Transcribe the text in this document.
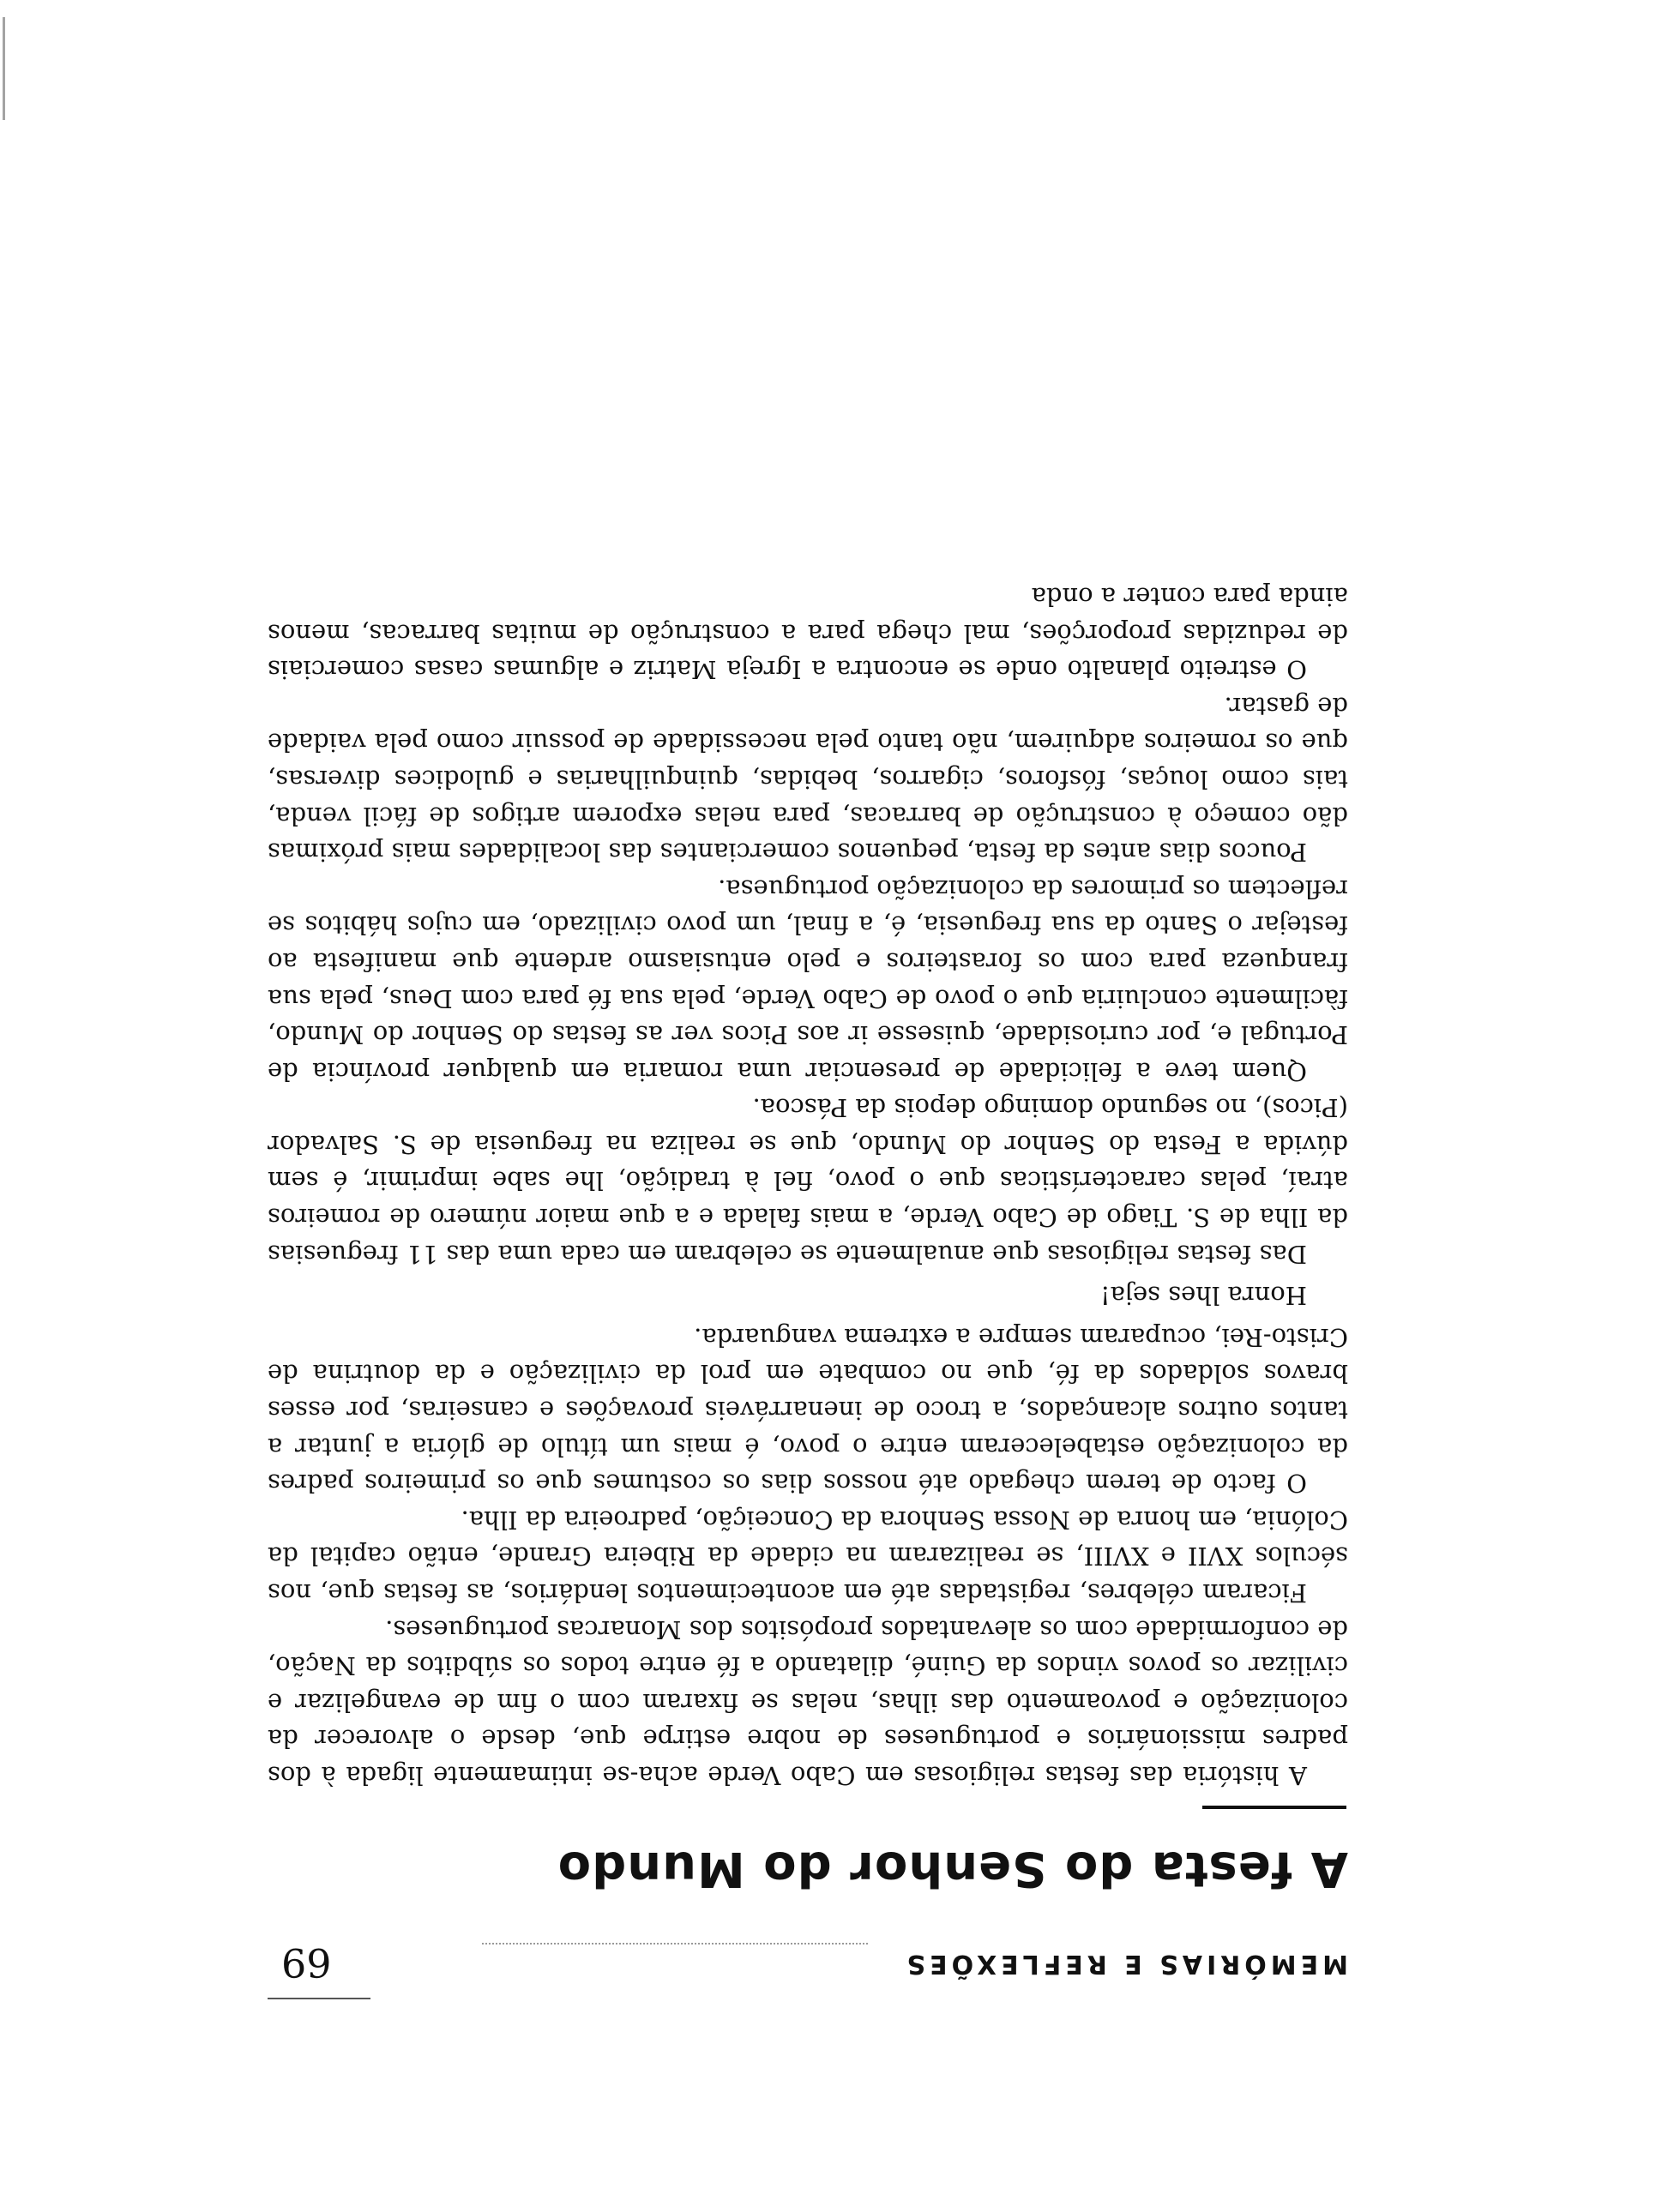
MEMÓRIAS E REFLEXÕES
69
A festa do Senhor do Mundo

A história das festas religiosas em Cabo Verde acha-se intimamente ligada à dos padres missionários e portugueses de nobre estirpe que, desde o alvorecer da colonização e povoamento das ilhas, nelas se fixaram com o fim de evangelizar e civilizar os povos vindos da Guiné, dilatando a fé entre todos os súbditos da Nação, de conformidade com os alevantados propósitos dos Monarcas portugueses.

Ficaram célebres, registadas até em acontecimentos lendários, as festas que, nos séculos XVII e XVIII, se realizaram na cidade da Ribeira Grande, então capital da Colónia, em honra de Nossa Senhora da Conceição, padroeira da Ilha.

O facto de terem chegado até nossos dias os costumes que os primeiros padres da colonização estabeleceram entre o povo, é mais um título de glória a juntar a tantos outros alcançados, a troco de inenarráveis provações e canseiras, por esses bravos soldados da fé, que no combate em prol da civilização e da doutrina de Cristo-Rei, ocuparam sempre a extrema vanguarda.

Honra lhes seja!

Das festas religiosas que anualmente se celebram em cada uma das 11 freguesias da Ilha de S. Tiago de Cabo Verde, a mais falada e a que maior número de romeiros atraí, pelas características que o povo, fiel à tradição, lhe sabe imprimir, é sem dúvida a Festa do Senhor do Mundo, que se realiza na freguesia de S. Salvador (Picos), no segundo domingo depois da Páscoa.

Quem teve a felicidade de presenciar uma romaria em qualquer província de Portugal e, por curiosidade, quisesse ir aos Picos ver as festas do Senhor do Mundo, fàcilmente concluiria que o povo de Cabo Verde, pela sua fé para com Deus, pela sua franqueza para com os forasteiros e pelo entusiasmo ardente que manifesta ao festejar o Santo da sua freguesia, é, a final, um povo civilizado, em cujos hábitos se reflectem os primores da colonização portuguesa.

Poucos dias antes da festa, pequenos comerciantes das localidades mais próximas dão começo à construção de barracas, para nelas exporem artigos de fácil venda, tais como louças, fósforos, cigarros, bebidas, quinquilharias e gulodices diversas, que os romeiros adquirem, não tanto pela necessidade de possuir como pela vaidade de gastar.

O estreito planalto onde se encontra a Igreja Matriz e algumas casas comerciais de reduzidas proporções, mal chega para a construção de muitas barracas, menos ainda para conter a onda
